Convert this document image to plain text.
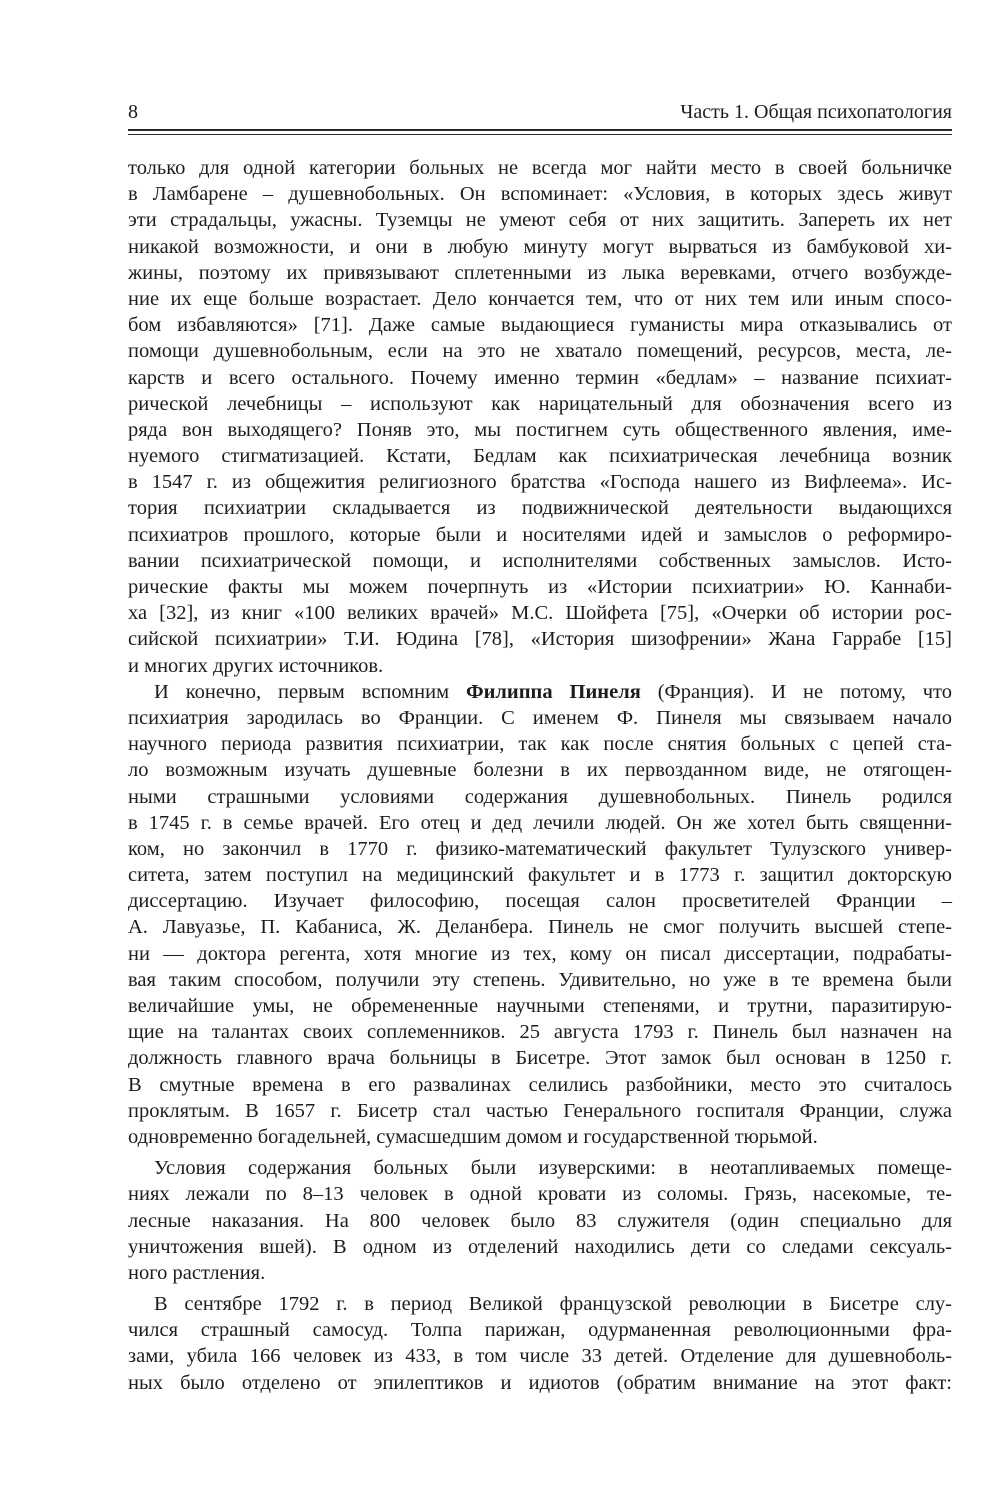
8	Часть 1. Общая психопатология
только для одной категории больных не всегда мог найти место в своей больничке
в Ламбарене – душевнобольных. Он вспоминает: «Условия, в которых здесь живут
эти страдальцы, ужасны. Туземцы не умеют себя от них защитить. Запереть их нет
никакой возможности, и они в любую минуту могут вырваться из бамбуковой хи-
жины, поэтому их привязывают сплетенными из лыка веревками, отчего возбужде-
ние их еще больше возрастает. Дело кончается тем, что от них тем или иным спосо-
бом избавляются» [71]. Даже самые выдающиеся гуманисты мира отказывались от
помощи душевнобольным, если на это не хватало помещений, ресурсов, места, ле-
карств и всего остального. Почему именно термин «бедлам» – название психиат-
рической лечебницы – используют как нарицательный для обозначения всего из
ряда вон выходящего? Поняв это, мы постигнем суть общественного явления, име-
нуемого стигматизацией. Кстати, Бедлам как психиатрическая лечебница возник
в 1547 г. из общежития религиозного братства «Господа нашего из Вифлеема». Ис-
тория психиатрии складывается из подвижнической деятельности выдающихся
психиатров прошлого, которые были и носителями идей и замыслов о реформиро-
вании психиатрической помощи, и исполнителями собственных замыслов. Исто-
рические факты мы можем почерпнуть из «Истории психиатрии» Ю. Каннаби-
ха [32], из книг «100 великих врачей» М.С. Шойфета [75], «Очерки об истории рос-
сийской психиатрии» Т.И. Юдина [78], «История шизофрении» Жана Гаррабе [15]
и многих других источников.
И конечно, первым вспомним Филиппа Пинеля (Франция). И не потому, что
психиатрия зародилась во Франции. С именем Ф. Пинеля мы связываем начало
научного периода развития психиатрии, так как после снятия больных с цепей ста-
ло возможным изучать душевные болезни в их первозданном виде, не отягощен-
ными страшными условиями содержания душевнобольных. Пинель родился
в 1745 г. в семье врачей. Его отец и дед лечили людей. Он же хотел быть священни-
ком, но закончил в 1770 г. физико-математический факультет Тулузского универ-
ситета, затем поступил на медицинский факультет и в 1773 г. защитил докторскую
диссертацию. Изучает философию, посещая салон просветителей Франции –
А. Лавуазье, П. Кабаниса, Ж. Деланбера. Пинель не смог получить высшей степе-
ни — доктора регента, хотя многие из тех, кому он писал диссертации, подрабаты-
вая таким способом, получили эту степень. Удивительно, но уже в те времена были
величайшие умы, не обремененные научными степенями, и трутни, паразитирую-
щие на талантах своих соплеменников. 25 августа 1793 г. Пинель был назначен на
должность главного врача больницы в Бисетре. Этот замок был основан в 1250 г.
В смутные времена в его развалинах селились разбойники, место это считалось
проклятым. В 1657 г. Бисетр стал частью Генерального госпиталя Франции, служа
одновременно богадельней, сумасшедшим домом и государственной тюрьмой.
Условия содержания больных были изуверскими: в неотапливаемых помеще-
ниях лежали по 8–13 человек в одной кровати из соломы. Грязь, насекомые, те-
лесные наказания. На 800 человек было 83 служителя (один специально для
уничтожения вшей). В одном из отделений находились дети со следами сексуаль-
ного растления.
В сентябре 1792 г. в период Великой французской революции в Бисетре слу-
чился страшный самосуд. Толпа парижан, одурманенная революционными фра-
зами, убила 166 человек из 433, в том числе 33 детей. Отделение для душевноболь-
ных было отделено от эпилептиков и идиотов (обратим внимание на этот факт:
